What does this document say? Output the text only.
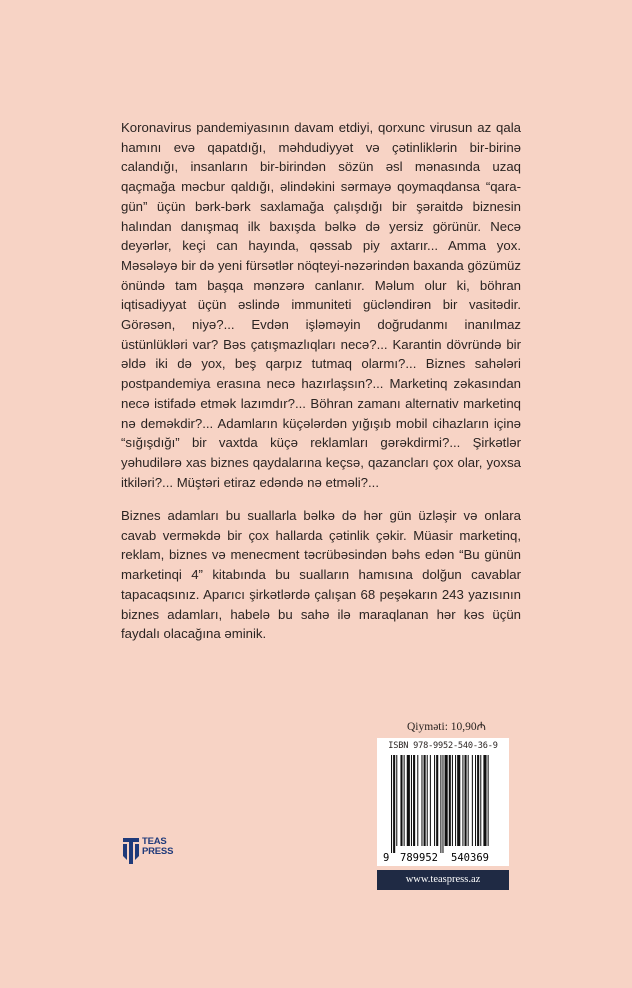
Koronavirus pandemiyasının davam etdiyi, qorxunc virusun az qala hamını evə qapatdığı, məhdudiyyət və çətinliklərin bir-birinə calandığı, insanların bir-birindən sözün əsl mənasında uzaq qaçmağa məcbur qaldığı, əlindəkini sərmayə qoymaqdansa “qara-gün” üçün bərk-bərk saxlamağa çalışdığı bir şəraitdə biznesin halından danışmaq ilk baxışda bəlkə də yersiz görünür. Necə deyərlər, keçi can hayında, qəssab piy axtarır... Amma yox. Məsələyə bir də yeni fürsətlər nöqteyi-nəzərindən baxanda gözümüz önündə tam başqa mənzərə canlanır. Məlum olur ki, böhran iqtisadiyyat üçün əslində immuniteti gücləndirən bir vasitədir. Görəsən, niyə?... Evdən işləməyin doğrudanmı inanılmaz üstünlükləri var? Bəs çatışmazlıqları necə?... Karantin dövründə bir əldə iki də yox, beş qarpız tutmaq olarmı?... Biznes sahələri postpandemiya erasına necə hazırlaşsın?... Marketinq zəkasından necə istifadə etmək lazımdır?... Böhran zamanı alternativ marketinq nə deməkdir?... Adamların küçələrdən yığışıb mobil cihazların içinə “sığışdığı” bir vaxtda küçə reklamları gərəkdirmi?... Şirkətlər yəhudilərə xas biznes qaydalarına keçsə, qazancları çox olar, yoxsa itkiləri?... Müştəri etiraz edəndə nə etməli?...

Biznes adamları bu suallarla bəlkə də hər gün üzləşir və onlara cavab verməkdə bir çox hallarda çətinlik çəkir. Müasir marketinq, reklam, biznes və menecment təcrübəsindən bəhs edən “Bu günün marketinqi 4” kitabında bu sualların hamısına dolğun cavablar tapacaqsınız. Aparıcı şirkətlərdə çalışan 68 peşəkarın 243 yazısının biznes adamları, habelə bu sahə ilə maraqlanan hər kəs üçün faydalı olacağına əminik.

Qiyməti: 10,90₼
ISBN 978-9952-540-36-9
9 789952 540369
www.teaspress.az
TEAS
PRESS
